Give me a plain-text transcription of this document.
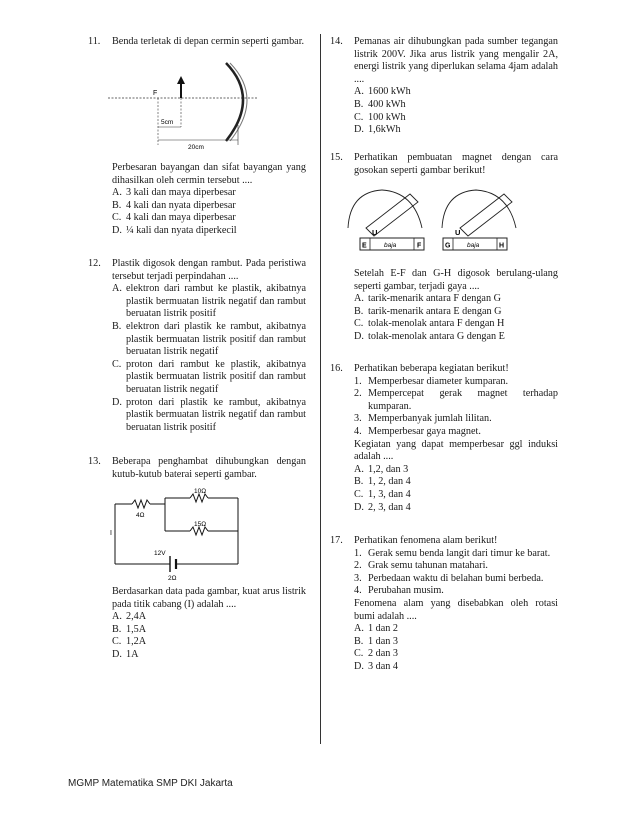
11.	Benda terletak di depan cermin seperti gambar.
F
5cm
20cm
Perbesaran bayangan dan sifat bayangan yang dihasilkan oleh cermin tersebut ....
A. 3 kali dan maya diperbesar
B. 4 kali dan nyata diperbesar
C. 4 kali dan maya diperbesar
D. ¼ kali dan nyata diperkecil
12.	Plastik digosok dengan rambut. Pada peristiwa tersebut terjadi perpindahan ....
A. elektron dari rambut ke plastik, akibatnya plastik bermuatan listrik negatif dan rambut beruatan listrik positif
B. elektron dari plastik ke rambut, akibatnya plastik bermuatan listrik positif dan rambut beruatan listrik negatif
C. proton dari rambut ke plastik, akibatnya plastik bermuatan listrik positif dan rambut beruatan listrik negatif
D. proton dari plastik ke rambut, akibatnya plastik bermuatan listrik negatif dan rambut beruatan listrik positif
13.	Beberapa penghambat dihubungkan dengan kutub-kutub baterai seperti gambar.
4Ω
10Ω
15Ω
12V
2Ω
I
Berdasarkan data pada gambar, kuat arus listrik pada titik cabang (I) adalah ....
A. 2,4A
B. 1,5A
C. 1,2A
D. 1A
14.	Pemanas air dihubungkan pada sumber tegangan listrik 200V. Jika arus listrik yang mengalir 2A, energi listrik yang diperlukan selama 4jam adalah ....
A. 1600 kWh
B. 400 kWh
C. 100 kWh
D. 1,6kWh
15.	Perhatikan pembuatan magnet dengan cara gosokan seperti gambar berikut!
U	U
E	baja	F	G	baja	H
Setelah E-F dan G-H digosok berulang-ulang seperti gambar, terjadi gaya ....
A. tarik-menarik antara F dengan G
B. tarik-menarik antara E dengan G
C. tolak-menolak antara F dengan H
D. tolak-menolak antara G dengan E
16.	Perhatikan beberapa kegiatan berikut!
1. Memperbesar diameter kumparan.
2. Mempercepat gerak magnet terhadap kumparan.
3. Memperbanyak jumlah lilitan.
4. Memperbesar gaya magnet.
Kegiatan yang dapat memperbesar ggl induksi adalah ....
A. 1,2, dan 3
B. 1, 2, dan 4
C. 1, 3, dan 4
D. 2, 3, dan 4
17.	Perhatikan fenomena alam berikut!
1. Gerak semu benda langit dari timur ke barat.
2. Grak semu tahunan matahari.
3. Perbedaan waktu di belahan bumi berbeda.
4. Perubahan musim.
Fenomena alam yang disebabkan oleh rotasi bumi adalah ....
A. 1 dan 2
B. 1 dan 3
C. 2 dan 3
D. 3 dan 4
MGMP Matematika SMP DKI Jakarta
